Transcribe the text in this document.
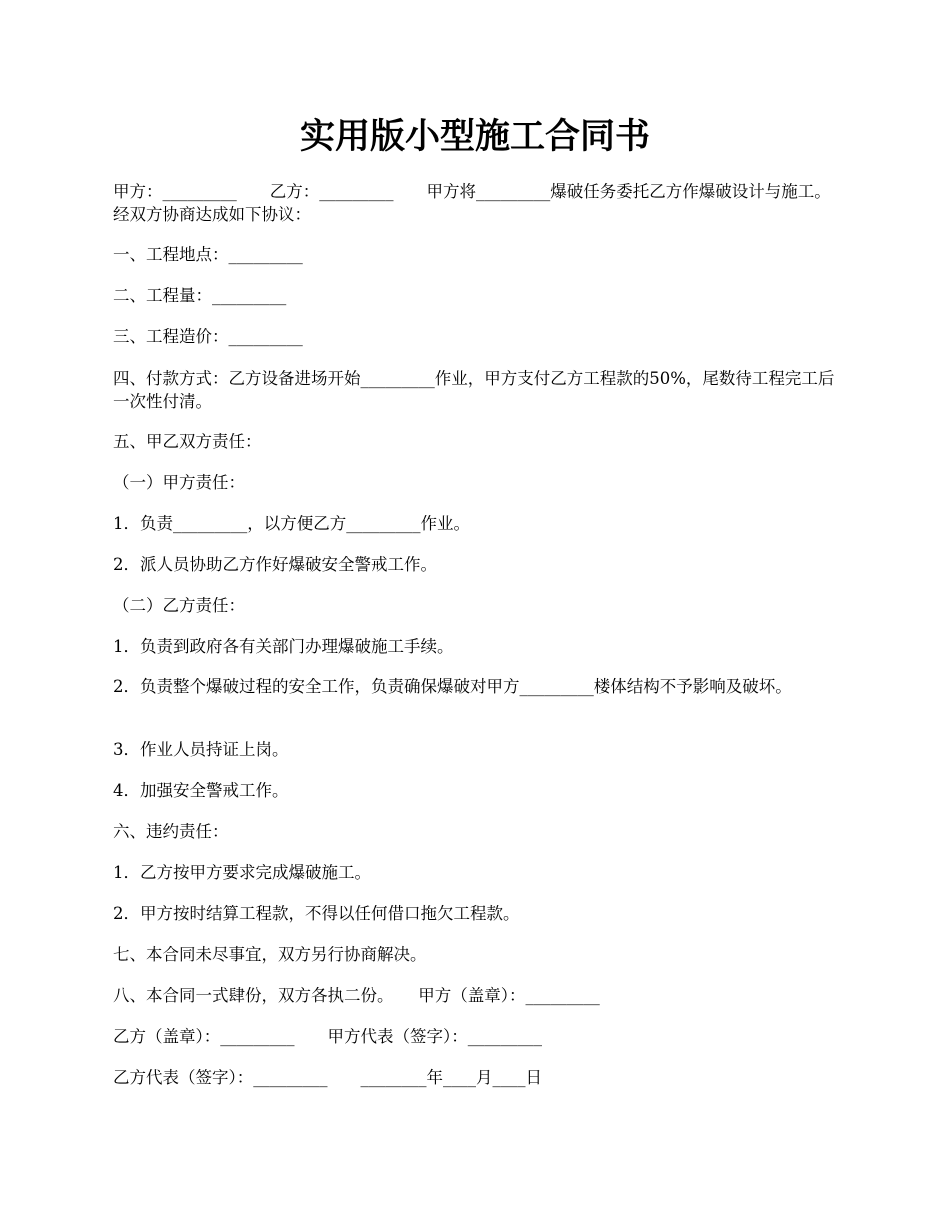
实用版小型施工合同书

甲方：_________　　乙方：_________　　甲方将_________爆破任务委托乙方作爆破设计与施工。经双方协商达成如下协议：

一、工程地点：_________

二、工程量：_________

三、工程造价：_________

四、付款方式：乙方设备进场开始_________作业，甲方支付乙方工程款的50%，尾数待工程完工后一次性付清。

五、甲乙双方责任：

（一）甲方责任：

1．负责_________，以方便乙方_________作业。

2．派人员协助乙方作好爆破安全警戒工作。

（二）乙方责任：

1．负责到政府各有关部门办理爆破施工手续。

2．负责整个爆破过程的安全工作，负责确保爆破对甲方_________楼体结构不予影响及破坏。

3．作业人员持证上岗。

4．加强安全警戒工作。

六、违约责任：

1．乙方按甲方要求完成爆破施工。

2．甲方按时结算工程款，不得以任何借口拖欠工程款。

七、本合同未尽事宜，双方另行协商解决。

八、本合同一式肆份，双方各执二份。　　甲方（盖章）：_________

乙方（盖章）：_________　　甲方代表（签字）：_________

乙方代表（签字）：_________　　________年____月____日
